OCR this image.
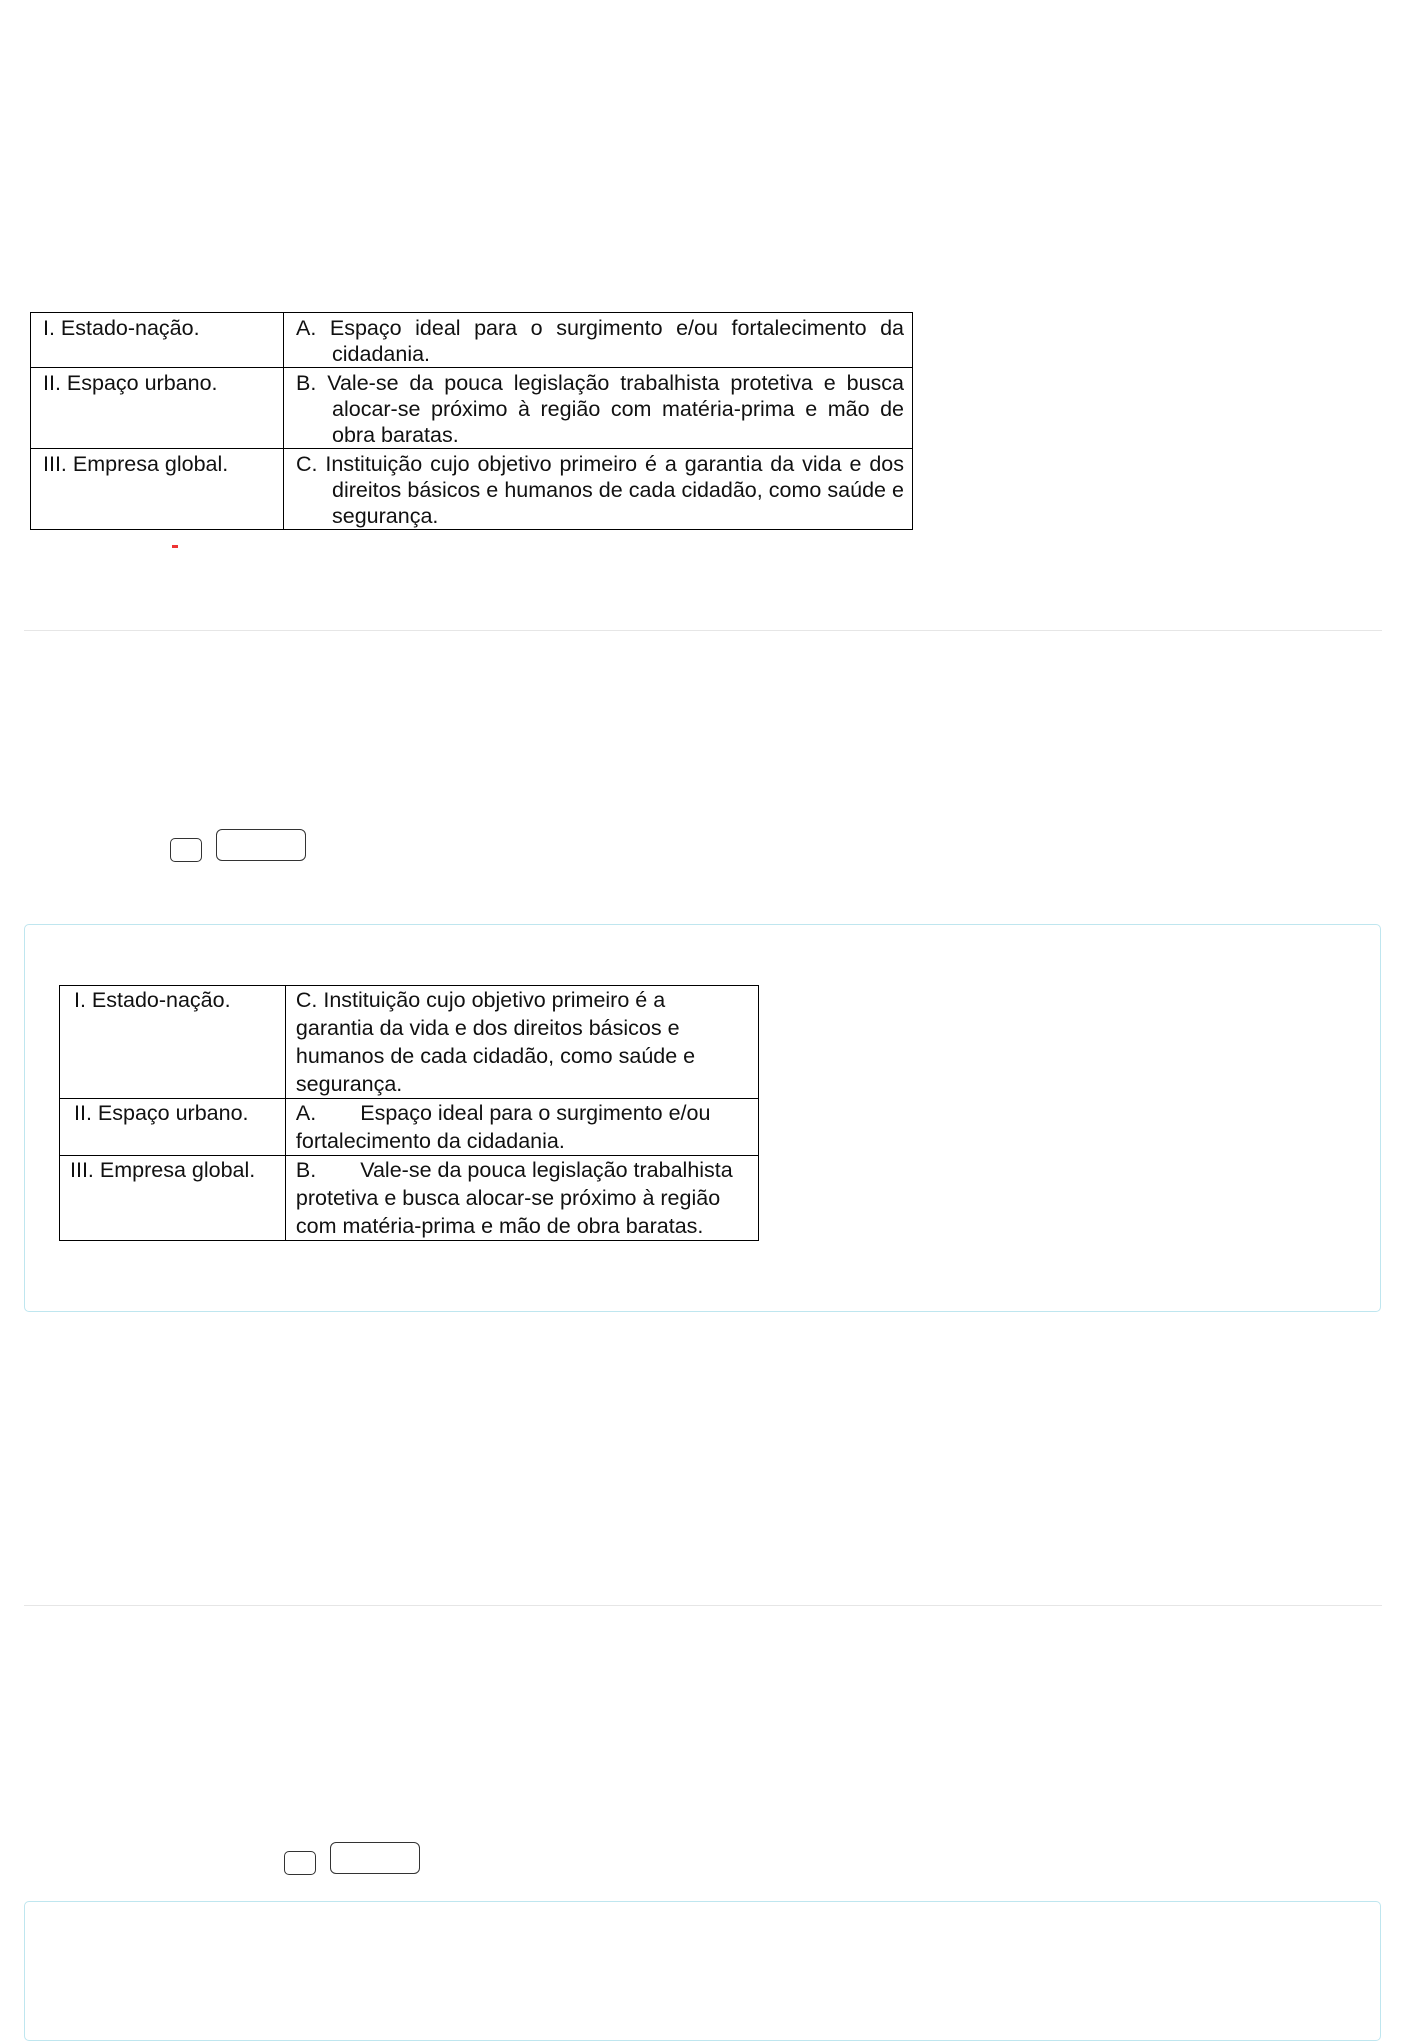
I. Estado-nação.	A. Espaço ideal para o surgimento e/ou fortalecimento da cidadania.

II. Espaço urbano.	B. Vale-se da pouca legislação trabalhista protetiva e busca alocar-se próximo à região com matéria-prima e mão de obra baratas.

III. Empresa global.	C. Instituição cujo objetivo primeiro é a garantia da vida e dos direitos básicos e humanos de cada cidadão, como saúde e segurança.
I. Estado-nação.	C. Instituição cujo objetivo primeiro é a garantia da vida e dos direitos básicos e humanos de cada cidadão, como saúde e segurança.
II. Espaço urbano.	A. Espaço ideal para o surgimento e/ou fortalecimento da cidadania.
III. Empresa global.	B. Vale-se da pouca legislação trabalhista protetiva e busca alocar-se próximo à região com matéria-prima e mão de obra baratas.
